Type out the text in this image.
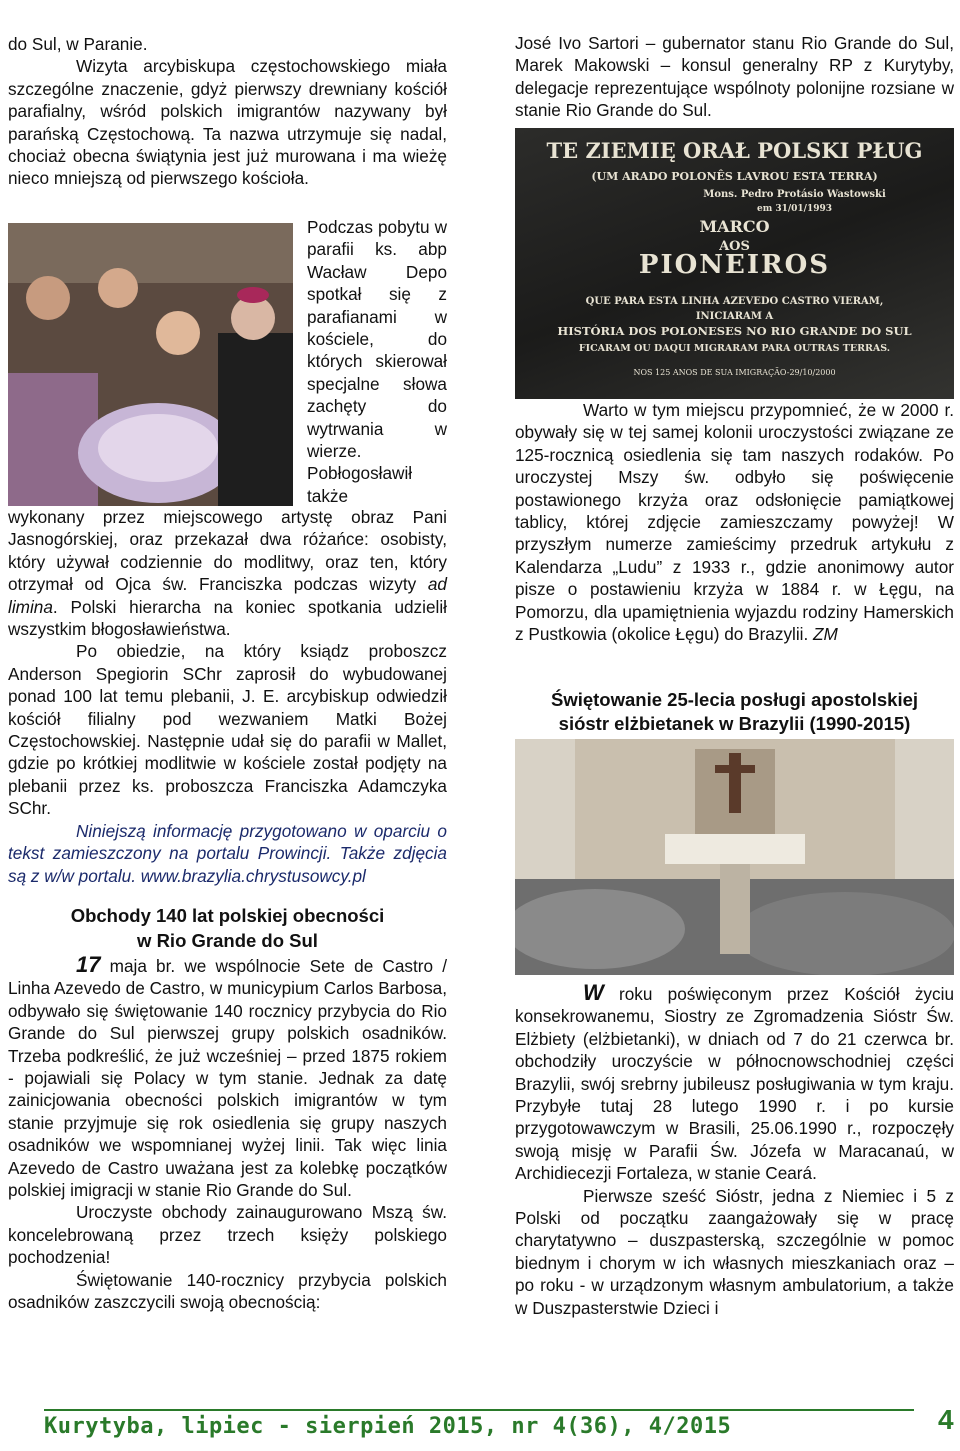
do Sul, w Paranie.

Wizyta arcybiskupa częstochowskiego miała szczególne znaczenie, gdyż pierwszy drewniany kościół parafialny, wśród polskich imigrantów nazywany był parańską Częstochową. Ta nazwa utrzymuje się nadal, chociaż obecna świątynia jest już murowana i ma wieżę nieco mniejszą od pierwszego kościoła.

Podczas pobytu w parafii ks. abp Wacław Depo spotkał się z parafianami w kościele, do których skierował specjalne słowa zachęty do wytrwania w wierze. Pobłogosławił także

wykonany przez miejscowego artystę obraz Pani Jasnogórskiej, oraz przekazał dwa różańce: osobisty, który używał codziennie do modlitwy, oraz ten, który otrzymał od Ojca św. Franciszka podczas wizyty ad limina. Polski hierarcha na koniec spotkania udzielił wszystkim błogosławieństwa.

Po obiedzie, na który ksiądz proboszcz Anderson Spegiorin SChr zaprosił do wybudowanej ponad 100 lat temu plebanii, J. E. arcybiskup odwiedził kościół filialny pod wezwaniem Matki Bożej Częstochowskiej. Następnie udał się do parafii w Mallet, gdzie po krótkiej modlitwie w kościele został podjęty na plebanii przez ks. proboszcza Franciszka Adamczyka SChr.

Niniejszą informację przygotowano w oparciu o tekst zamieszczony na portalu Prowincji. Także zdjęcia są z w/w portalu. www.brazylia.chrystusowcy.pl

Obchody 140 lat polskiej obecności
w Rio Grande do Sul

17 maja br. we wspólnocie Sete de Castro / Linha Azevedo de Castro, w municypium Carlos Barbosa, odbywało się świętowanie 140 rocznicy przybycia do Rio Grande do Sul pierwszej grupy polskich osadników. Trzeba podkreślić, że już wcześniej – przed 1875 rokiem - pojawiali się Polacy w tym stanie. Jednak za datę zainicjowania obecności polskich imigrantów w tym stanie przyjmuje się rok osiedlenia się grupy naszych osadników we wspomnianej wyżej linii. Tak więc linia Azevedo de Castro uważana jest za kolebkę początków polskiej imigracji w stanie Rio Grande do Sul.

Uroczyste obchody zainaugurowano Mszą św. koncelebrowaną przez trzech księży polskiego pochodzenia!

Świętowanie 140-rocznicy przybycia polskich osadników zaszczycili swoją obecnością:

José Ivo Sartori – gubernator stanu Rio Grande do Sul, Marek Makowski – konsul generalny RP z Kurytyby, delegacje reprezentujące wspólnoty polonijne rozsiane w stanie Rio Grande do Sul.
TE ZIEMIĘ ORAŁ POLSKI PŁUG
(UM ARADO POLONÊS LAVROU ESTA TERRA)
Mons. Pedro Protásio Wastowski
em 31/01/1993
MARCO
AOS
PIONEIROS
QUE PARA ESTA LINHA AZEVEDO CASTRO VIERAM,
INICIARAM A
HISTÓRIA DOS POLONESES NO RIO GRANDE DO SUL
FICARAM OU DAQUI MIGRARAM PARA OUTRAS TERRAS.
NOS 125 ANOS DE SUA IMIGRAÇÃO-29/10/2000

Warto w tym miejscu przypomnieć, że w 2000 r. obywały się w tej samej kolonii uroczystości związane ze 125-rocznicą osiedlenia się tam naszych rodaków. Po uroczystej Mszy św. odbyło się poświęcenie postawionego krzyża oraz odsłonięcie pamiątkowej tablicy, której zdjęcie zamieszczamy powyżej! W przyszłym numerze zamieścimy przedruk artykułu z Kalendarza „Ludu” z 1933 r., gdzie anonimowy autor pisze o postawieniu krzyża w 1884 r. w Łęgu, na Pomorzu, dla upamiętnienia wyjazdu rodziny Hamerskich z Pustkowia (okolice Łęgu) do Brazylii. ZM

Świętowanie 25-lecia posługi apostolskiej
sióstr elżbietanek w Brazylii (1990-2015)

W roku poświęconym przez Kościół życiu konsekrowanemu, Siostry ze Zgromadzenia Sióstr Św. Elżbiety (elżbietanki), w dniach od 7 do 21 czerwca br. obchodziły uroczyście w północnowschodniej części Brazylii, swój srebrny jubileusz posługiwania w tym kraju. Przybyłe tutaj 28 lutego 1990 r. i po kursie przygotowawczym w Brasili, 25.06.1990 r., rozpoczęły swoją misję w Parafii Św. Józefa w Maracanaú, w Archidiecezji Fortaleza, w stanie Ceará.

Pierwsze sześć Sióstr, jedna z Niemiec i 5 z Polski od początku zaangażowały się w pracę charytatywno – duszpasterską, szczególnie w pomoc biednym i chorym w ich własnych mieszkaniach oraz – po roku - w urządzonym własnym ambulatorium, a także w Duszpasterstwie Dzieci i

Kurytyba, lipiec - sierpień 2015, nr 4(36), 4/2015	4
